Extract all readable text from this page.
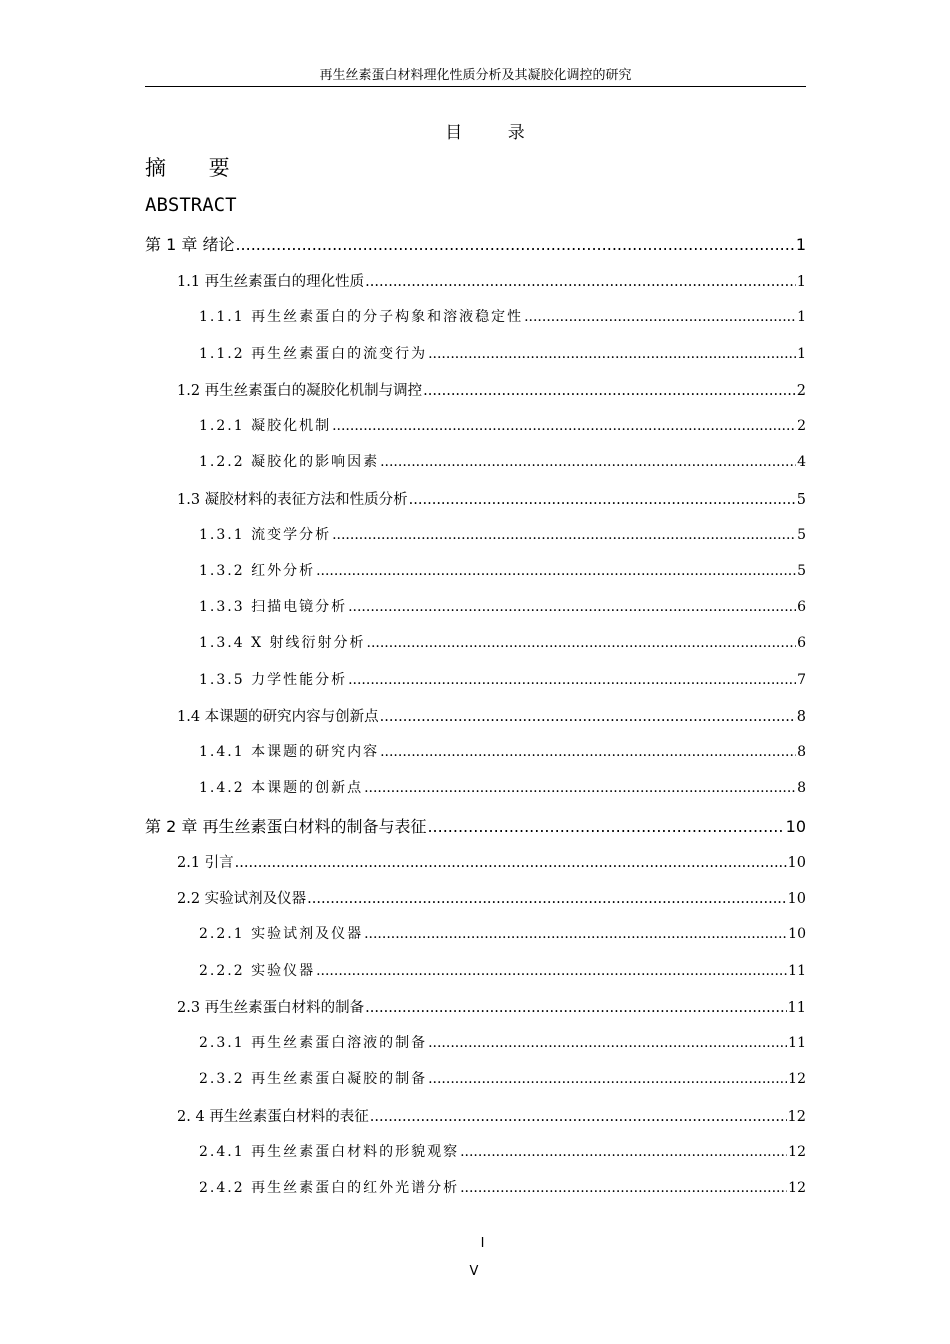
再生丝素蛋白材料理化性质分析及其凝胶化调控的研究
目 录
摘 要
ABSTRACT
第 1 章 绪论 .....	1
1.1 再生丝素蛋白的理化性质 .....	1
1.1.1 再生丝素蛋白的分子构象和溶液稳定性 .....	1
1.1.2 再生丝素蛋白的流变行为 .....	1
1.2 再生丝素蛋白的凝胶化机制与调控 .....	2
1.2.1 凝胶化机制 .....	2
1.2.2 凝胶化的影响因素 .....	4
1.3 凝胶材料的表征方法和性质分析 .....	5
1.3.1 流变学分析 .....	5
1.3.2 红外分析 .....	5
1.3.3 扫描电镜分析 .....	6
1.3.4 X 射线衍射分析 .....	6
1.3.5 力学性能分析 .....	7
1.4 本课题的研究内容与创新点 .....	8
1.4.1 本课题的研究内容 .....	8
1.4.2 本课题的创新点 .....	8
第 2 章 再生丝素蛋白材料的制备与表征 .....	10
2.1 引言 .....	10
2.2 实验试剂及仪器 .....	10
2.2.1 实验试剂及仪器 .....	10
2.2.2 实验仪器 .....	11
2.3 再生丝素蛋白材料的制备 .....	11
2.3.1 再生丝素蛋白溶液的制备 .....	11
2.3.2 再生丝素蛋白凝胶的制备 .....	12
2. 4 再生丝素蛋白材料的表征 .....	12
2.4.1 再生丝素蛋白材料的形貌观察 .....	12
2.4.2 再生丝素蛋白的红外光谱分析 .....	12
I
V
